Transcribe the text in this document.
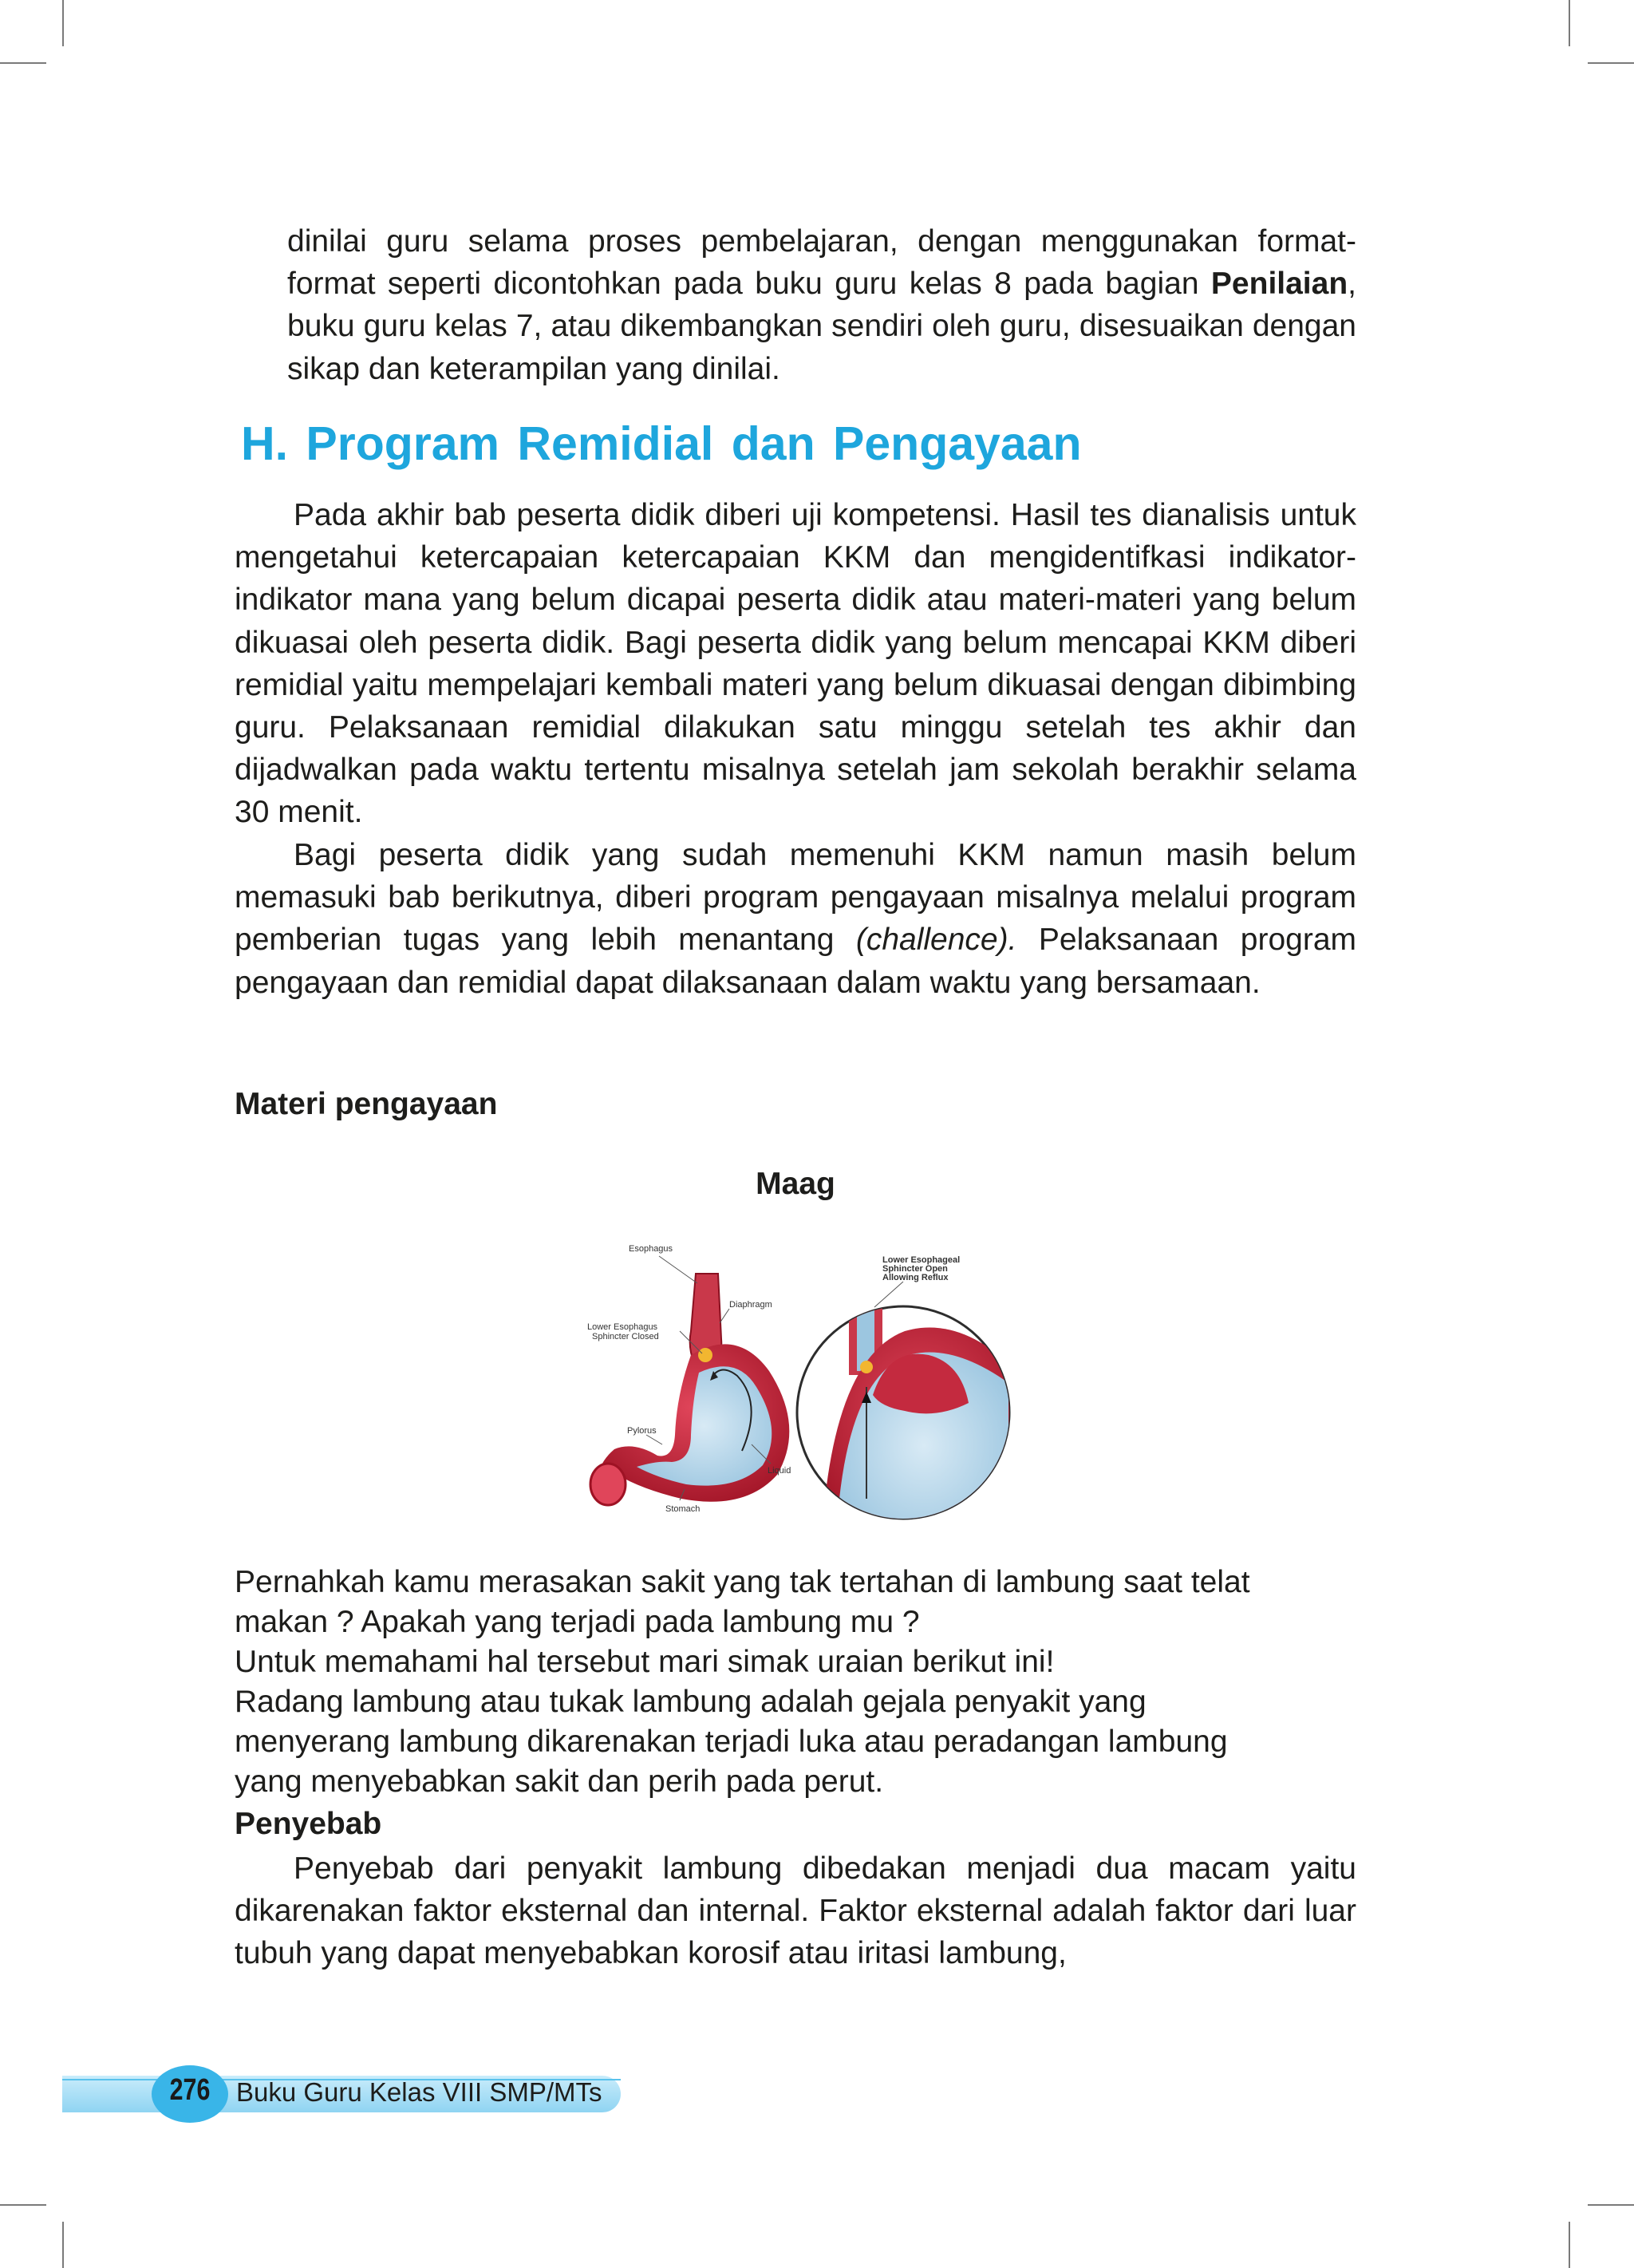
dinilai guru selama proses pembelajaran, dengan menggunakan format-format seperti dicontohkan pada buku guru kelas 8 pada bagian Penilaian, buku guru kelas 7, atau dikembangkan sendiri oleh guru, disesuaikan dengan sikap dan keterampilan yang dinilai.

H. Program Remidial dan Pengayaan

Pada akhir bab peserta didik diberi uji kompetensi. Hasil tes dianalisis untuk mengetahui ketercapaian ketercapaian KKM dan mengidentifkasi indikator-indikator mana yang belum dicapai peserta didik atau materi-materi yang belum dikuasai oleh peserta didik. Bagi peserta didik yang belum mencapai KKM diberi remidial yaitu mempelajari kembali materi yang belum dikuasai dengan dibimbing guru. Pelaksanaan remidial dilakukan satu minggu setelah tes akhir dan dijadwalkan pada waktu tertentu misalnya setelah jam sekolah berakhir selama 30 menit.

Bagi peserta didik yang sudah memenuhi KKM namun masih belum memasuki bab berikutnya, diberi program pengayaan misalnya melalui program pemberian tugas yang lebih menantang (challence). Pelaksanaan program pengayaan dan remidial dapat dilaksanaan dalam waktu yang bersamaan.

Materi pengayaan

Maag

Esophagus
Diaphragm
Lower Esophagus
Sphincter Closed
Pylorus
Liquid
Stomach
Lower Esophageal
Sphincter Open
Allowing Reflux
Pernahkah kamu merasakan sakit yang tak tertahan di lambung saat telat
makan ? Apakah yang terjadi pada lambung mu ?
Untuk memahami hal tersebut mari simak uraian berikut ini!
Radang lambung atau tukak lambung adalah gejala penyakit yang
menyerang lambung dikarenakan terjadi luka atau peradangan lambung
yang menyebabkan sakit dan perih pada perut.

Penyebab

Penyebab dari penyakit lambung dibedakan menjadi dua macam yaitu dikarenakan faktor eksternal dan internal. Faktor eksternal adalah faktor dari luar tubuh yang dapat menyebabkan korosif atau iritasi lambung,

276 Buku Guru Kelas VIII SMP/MTs
